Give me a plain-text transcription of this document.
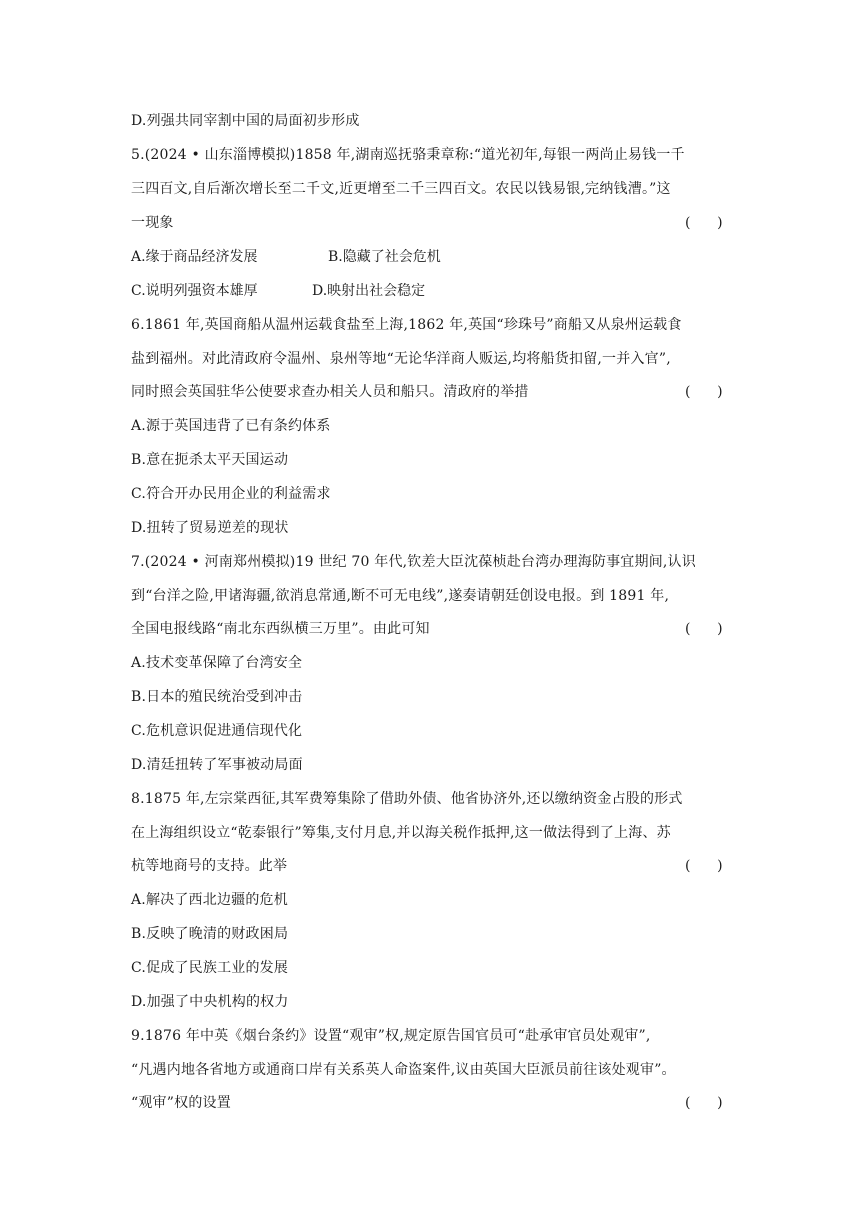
D.列强共同宰割中国的局面初步形成
5.(2024 • 山东淄博模拟)1858 年,湖南巡抚骆秉章称:“道光初年,每银一两尚止易钱一千
三四百文,自后渐次增长至二千文,近更增至二千三四百文。农民以钱易银,完纳钱漕。”这
一现象	(      )
A.缘于商品经济发展	B.隐藏了社会危机
C.说明列强资本雄厚	D.映射出社会稳定
6.1861 年,英国商船从温州运载食盐至上海,1862 年,英国“珍珠号”商船又从泉州运载食
盐到福州。对此清政府令温州、泉州等地“无论华洋商人贩运,均将船货扣留,一并入官”,
同时照会英国驻华公使要求查办相关人员和船只。清政府的举措	(      )
A.源于英国违背了已有条约体系
B.意在扼杀太平天国运动
C.符合开办民用企业的利益需求
D.扭转了贸易逆差的现状
7.(2024 • 河南郑州模拟)19 世纪 70 年代,钦差大臣沈葆桢赴台湾办理海防事宜期间,认识
到“台洋之险,甲诸海疆,欲消息常通,断不可无电线”,遂奏请朝廷创设电报。到 1891 年,
全国电报线路“南北东西纵横三万里”。由此可知	(      )
A.技术变革保障了台湾安全
B.日本的殖民统治受到冲击
C.危机意识促进通信现代化
D.清廷扭转了军事被动局面
8.1875 年,左宗棠西征,其军费筹集除了借助外债、他省协济外,还以缴纳资金占股的形式
在上海组织设立“乾泰银行”筹集,支付月息,并以海关税作抵押,这一做法得到了上海、苏
杭等地商号的支持。此举	(      )
A.解决了西北边疆的危机
B.反映了晚清的财政困局
C.促成了民族工业的发展
D.加强了中央机构的权力
9.1876 年中英《烟台条约》设置“观审”权,规定原告国官员可“赴承审官员处观审”,
“凡遇内地各省地方或通商口岸有关系英人命盗案件,议由英国大臣派员前往该处观审”。
“观审”权的设置	(      )
